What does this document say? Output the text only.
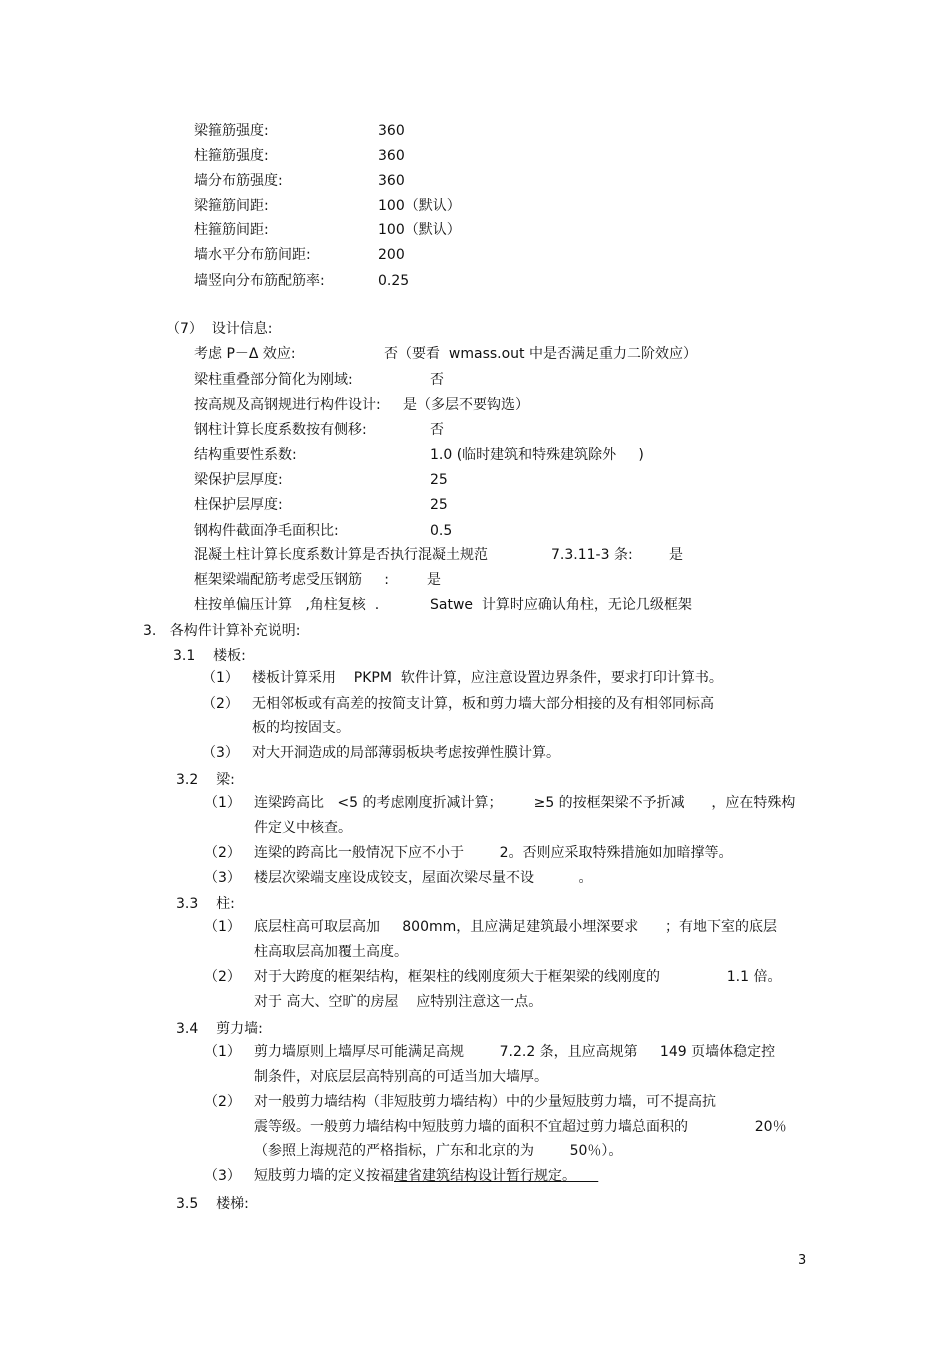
梁箍筋强度:	360
柱箍筋强度:	360
墙分布筋强度:	360
梁箍筋间距:	100（默认）
柱箍筋间距:	100（默认）
墙水平分布筋间距:	200
墙竖向分布筋配筋率:	0.25
（7）  设计信息:
考虑 P－Δ 效应:	否（要看  wmass.out 中是否满足重力二阶效应）
梁柱重叠部分简化为刚域:	否
按高规及高钢规进行构件设计: 是（多层不要钩选）
钢柱计算长度系数按有侧移:	否
结构重要性系数:	1.0 (临时建筑和特殊建筑除外     )
梁保护层厚度:	25
柱保护层厚度:	25
钢构件截面净毛面积比:	0.5
混凝土柱计算长度系数计算是否执行混凝土规范	7.3.11-3 条:	是
框架梁端配筋考虑受压钢筋     :	是
柱按单偏压计算   ,角柱复核  .	Satwe  计算时应确认角柱，无论几级框架
3.   各构件计算补充说明:
3.1    楼板:
（1） 楼板计算采用    PKPM  软件计算，应注意设置边界条件，要求打印计算书。
（2） 无相邻板或有高差的按简支计算，板和剪力墙大部分相接的及有相邻同标高
板的均按固支。
（3） 对大开洞造成的局部薄弱板块考虑按弹性膜计算。
3.2    梁:
（1） 连梁跨高比   <5 的考虑刚度折减计算；       ≥5 的按框架梁不予折减      ，应在特殊构
件定义中核查。
（2） 连梁的跨高比一般情况下应不小于        2。否则应采取特殊措施如加暗撑等。
（3） 楼层次梁端支座设成铰支，屋面次梁尽量不设          。
3.3    柱:
（1） 底层柱高可取层高加     800mm，且应满足建筑最小埋深要求      ；有地下室的底层
柱高取层高加覆土高度。
（2） 对于大跨度的框架结构，框架柱的线刚度须大于框架梁的线刚度的               1.1 倍。
对于 高大、空旷的房屋    应特别注意这一点。
3.4    剪力墙:
（1） 剪力墙原则上墙厚尽可能满足高规        7.2.2 条，且应高规第     149 页墙体稳定控
制条件，对底层层高特别高的可适当加大墙厚。
（2） 对一般剪力墙结构（非短肢剪力墙结构）中的少量短肢剪力墙，可不提高抗
震等级。一般剪力墙结构中短肢剪力墙的面积不宜超过剪力墙总面积的               20％
（参照上海规范的严格指标，广东和北京的为        50％）。
（3） 短肢剪力墙的定义按福建省建筑结构设计暂行规定。
3.5    楼梯:
3
